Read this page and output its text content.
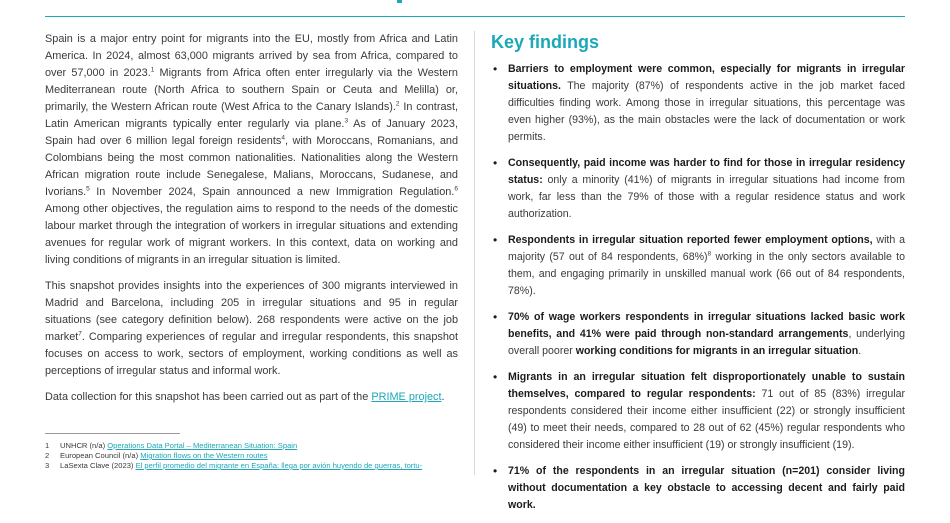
Spain is a major entry point for migrants into the EU, mostly from Africa and Latin America. In 2024, almost 63,000 migrants arrived by sea from Africa, compared to over 57,000 in 2023.$^1$ Migrants from Africa often enter irregularly via the Western Mediterranean route (North Africa to southern Spain or Ceuta and Melilla) or, primarily, the Western African route (West Africa to the Canary Islands).$^2$ In contrast, Latin American migrants typically enter regularly via plane.$^3$ As of January 2023, Spain had over 6 million legal foreign residents$^4$, with Moroccans, Romanians, and Colombians being the most common nationalities. Nationalities along the Western African migration route include Senegalese, Malians, Moroccans, Sudanese, and Ivorians.$^5$ In November 2024, Spain announced a new Immigration Regulation.$^6$ Among other objectives, the regulation aims to respond to the needs of the domestic labour market through the integration of workers in irregular situations and extending avenues for regular work of migrant workers. In this context, data on working and living conditions of migrants in an irregular situation is limited.

This snapshot provides insights into the experiences of 300 migrants interviewed in Madrid and Barcelona, including 205 in irregular situations and 95 in regular situations (see category definition below). 268 respondents were active on the job market$^7$. Comparing experiences of regular and irregular respondents, this snapshot focuses on access to work, sectors of employment, working conditions as well as perceptions of irregular status and informal work.

Data collection for this snapshot has been carried out as part of the PRIME project.

Key findings
• Barriers to employment were common, especially for migrants in irregular situations. The majority (87%) of respondents active in the job market faced difficulties finding work. Among those in irregular situations, this percentage was even higher (93%), as the main obstacles were the lack of documentation or work permits.
• Consequently, paid income was harder to find for those in irregular residency status: only a minority (41%) of migrants in irregular situations had income from work, far less than the 79% of those with a regular residence status and work authorization.
• Respondents in irregular situation reported fewer employment options, with a majority (57 out of 84 respondents, 68%)$^8$ working in the only sectors available to them, and engaging primarily in unskilled manual work (66 out of 84 respondents, 78%).
• 70% of wage workers respondents in irregular situations lacked basic work benefits, and 41% were paid through non-standard arrangements, underlying overall poorer working conditions for migrants in an irregular situation.
• Migrants in an irregular situation felt disproportionately unable to sustain themselves, compared to regular respondents: 71 out of 85 (83%) irregular respondents considered their income either insufficient (22) or strongly insufficient (49) to meet their needs, compared to 28 out of 62 (45%) regular respondents who considered their income either insufficient (19) or strongly insufficient (19).
• 71% of the respondents in an irregular situation (n=201) consider living without documentation a key obstacle to accessing decent and fairly paid work.
1 UNHCR (n/a) Operations Data Portal – Mediterranean Situation: Spain
2 European Council (n/a) Migration flows on the Western routes
3 LaSexta Clave (2023) El perfil promedio del migrante en España: llega por avión huyendo de guerras, tortu-
